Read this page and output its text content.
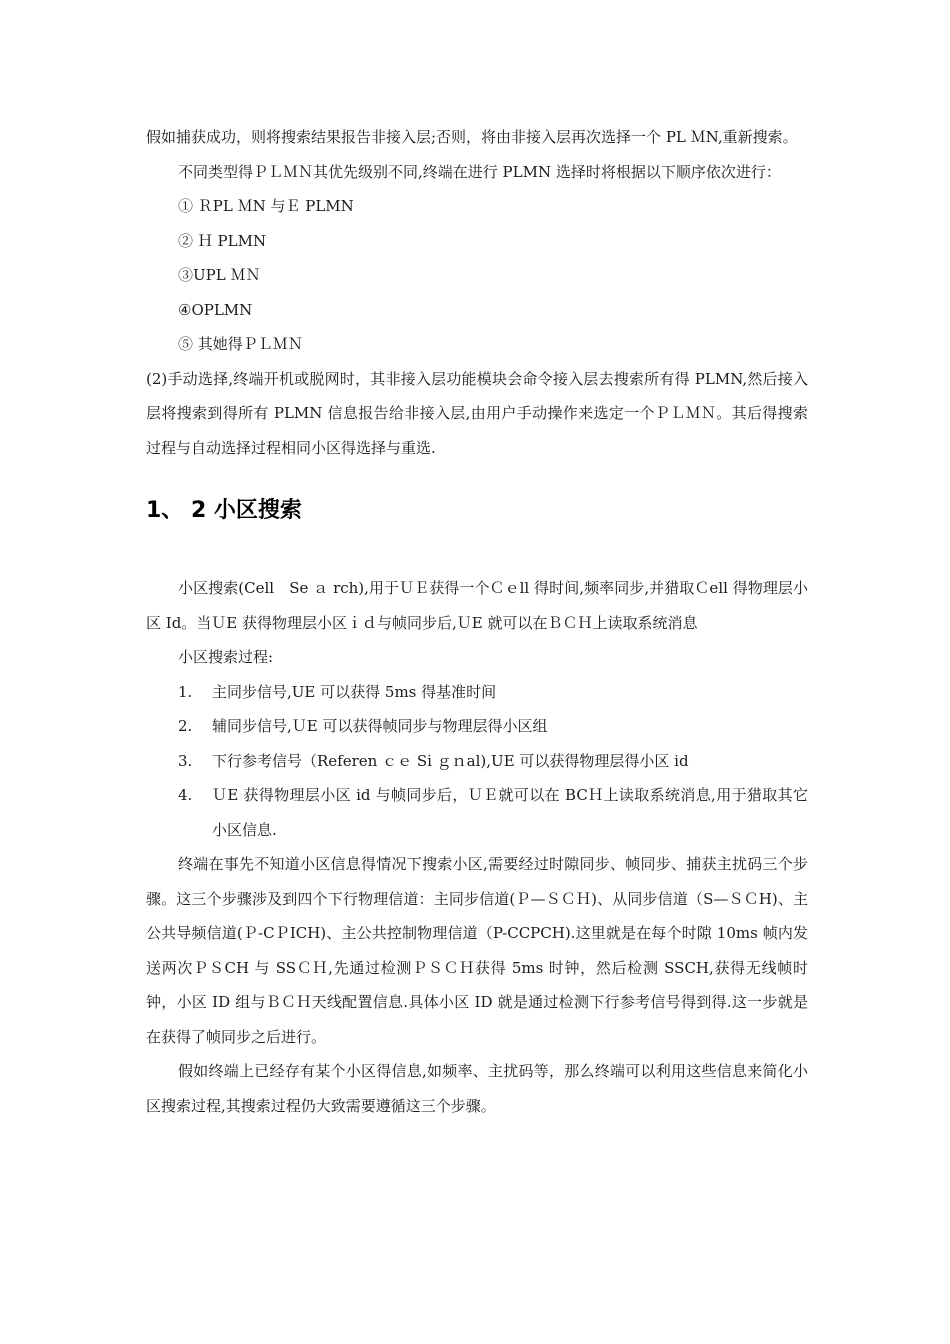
假如捕获成功，则将搜索结果报告非接入层;否则，将由非接入层再次选择一个 PL ＭN,重新搜索。

不同类型得ＰＬＭＮ其优先级别不同,终端在进行 PLMN 选择时将根据以下顺序依次进行：

① ＲPL ＭN 与Ｅ PLMN

② Ｈ PLMN

③UPL ＭＮ

④OPLMN

⑤ 其她得ＰＬＭＮ

(2)手动选择,终端开机或脱网时，其非接入层功能模块会命令接入层去搜索所有得 PLMN,然后接入层将搜索到得所有 PLMN 信息报告给非接入层,由用户手动操作来选定一个ＰＬＭＮ。其后得搜索过程与自动选择过程相同小区得选择与重选.

1、 2 小区搜索

小区搜索(Cell　Se ａ rch),用于ＵＥ获得一个Ｃｅll 得时间,频率同步,并猎取Ｃell 得物理层小区 Id。当ＵE 获得物理层小区ｉｄ与帧同步后,ＵE 就可以在ＢＣＨ上读取系统消息

小区搜索过程:

1.	主同步信号,UE 可以获得 5ms 得基准时间
2.	辅同步信号,ＵE 可以获得帧同步与物理层得小区组
3.	下行参考信号（Referen ｃｅ Si ｇｎal),UE 可以获得物理层得小区 id
4.	ＵE 获得物理层小区 id 与帧同步后，ＵＥ就可以在 BCＨ上读取系统消息,用于猎取其它小区信息.

终端在事先不知道小区信息得情况下搜索小区,需要经过时隙同步、帧同步、捕获主扰码三个步骤。这三个步骤涉及到四个下行物理信道：主同步信道(Ｐ—ＳＣＨ)、从同步信道（S—ＳＣH)、主公共导频信道(Ｐ-CＰICH)、主公共控制物理信道（P-CCPCH).这里就是在每个时隙 10ms 帧内发送两次ＰＳCH 与 SSＣＨ,先通过检测ＰＳＣＨ获得 5ms 时钟，然后检测 SSCH,获得无线帧时钟，小区 ID 组与ＢＣＨ天线配置信息.具体小区 ID 就是通过检测下行参考信号得到得.这一步就是在获得了帧同步之后进行。

假如终端上已经存有某个小区得信息,如频率、主扰码等，那么终端可以利用这些信息来简化小区搜索过程,其搜索过程仍大致需要遵循这三个步骤。
